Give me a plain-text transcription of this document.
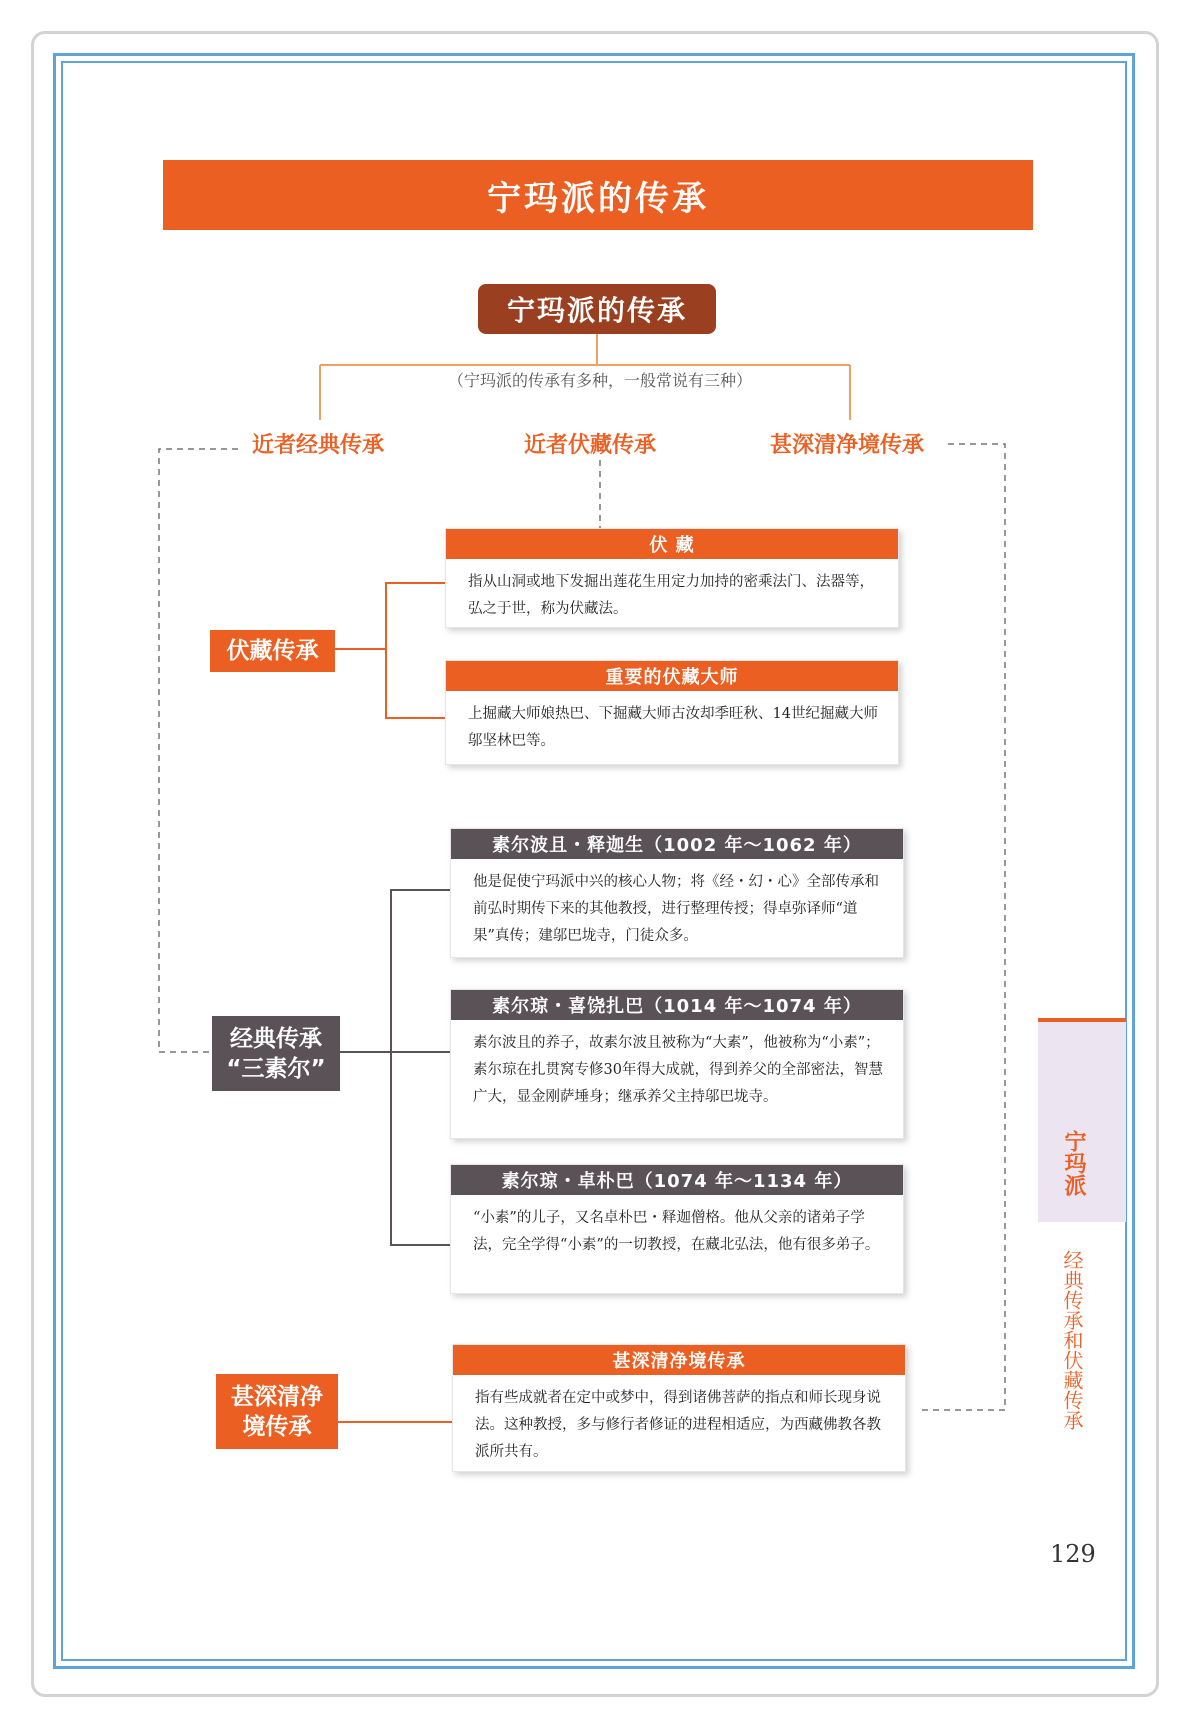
宁玛派的传承
宁玛派的传承
（宁玛派的传承有多种，一般常说有三种）
近者经典传承	近者伏藏传承	甚深清净境传承
伏藏传承
经典传承
“三素尔”
甚深清净
境传承
伏 藏
指从山洞或地下发掘出莲花生用定力加持的密乘法门、法器等，弘之于世，称为伏藏法。
重要的伏藏大师
上掘藏大师娘热巴、下掘藏大师古汝却季旺秋、14世纪掘藏大师邬坚林巴等。
素尔波且・释迦生（1002 年～1062 年）
他是促使宁玛派中兴的核心人物；将《经・幻・心》全部传承和前弘时期传下来的其他教授，进行整理传授；得卓弥译师“道果”真传；建邬巴垅寺，门徒众多。
素尔琼・喜饶扎巴（1014 年～1074 年）
素尔波且的养子，故素尔波且被称为“大素”，他被称为“小素”；素尔琼在扎贯窝专修30年得大成就，得到养父的全部密法，智慧广大，显金刚萨埵身；继承养父主持邬巴垅寺。
素尔琼・卓朴巴（1074 年～1134 年）
“小素”的儿子，又名卓朴巴・释迦僧格。他从父亲的诸弟子学法，完全学得“小素”的一切教授，在藏北弘法，他有很多弟子。
甚深清净境传承
指有些成就者在定中或梦中，得到诸佛菩萨的指点和师长现身说法。这种教授，多与修行者修证的进程相适应，为西藏佛教各教派所共有。
宁玛派
经典传承和伏藏传承
129
